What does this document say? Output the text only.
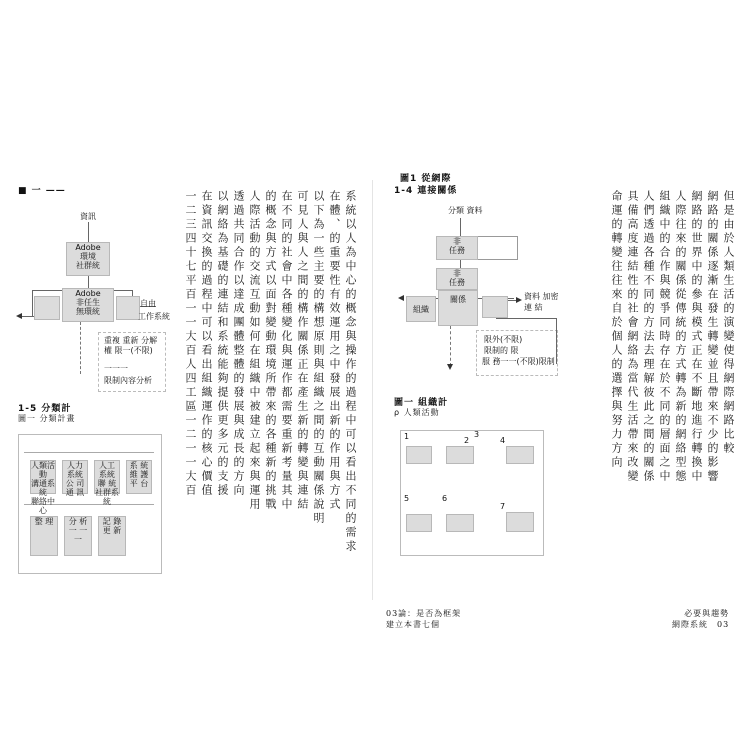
■ 一 ——
資訊
Adobe
環境
社群統
Adobe
非任生
無環統
自由
工作系統
重複 重新 分解
權 限一(不限)
一一一
限制內容分析
1-5 分類計
圖一 分類計畫
人類活動
溝通系統
聯絡中心
人力 系統
公 司
通 訊
人工 系統
聯 統
社群系統
系 統
維 護
平 台
整 理	分 析
一 一 一
記 錄
更 新	系統以人為中心的概念與操作的過程中可以看出不同的需求
在體、的重要性有效運用之中發展出新的作用與方式
以下為一些主要的構想原則與組織之間的互動關係說明
可見人與人之間的構作關係正在產生新的轉變與連結
在不同的社會中各種變化與運作都需要重新考量其中
的概念與方式以面對變動環境所帶來的各種新的挑戰
人際活動的交流互動如何在組織中被建立起來與運用
透過共同合作以達成團體整體的發展與成長的方向
以網絡為基礎的連結和系統能夠提供更多元的支援
在資訊交換的過程中可以看出組織運作的核心價值
一二三四十七平百一一大百人四工區一二一一大百
圖1 從網際
1-4 連接關係
分類 資料
非
任務
非
任務
組織
關係	資料 加密
連 結
限外(不限)
限制的 限
服 務一一(不限)限制
圖一 組織計
ρ 人類活動
1	2
3
4
5	6
7
但是由於人類生活的演變使得網際網路比較
網路的關係逐漸在發生轉變並且帶來不少的影響
網路的世界中的參與模式正在不斷地進行轉換中
人際往來的關係從傳統的方式轉為新的網絡型態
組織中的合作與競爭同時存在於不同的層面之中
人們透過各種不同的方法去理解彼此之間的關係
具備高度連結性的社會網絡為當代生活帶來改變
命運的轉變往往來自於個人的選擇與努力方向
03論：是否為框架
建立本書七個
必要與趨勢
網際系統　03
